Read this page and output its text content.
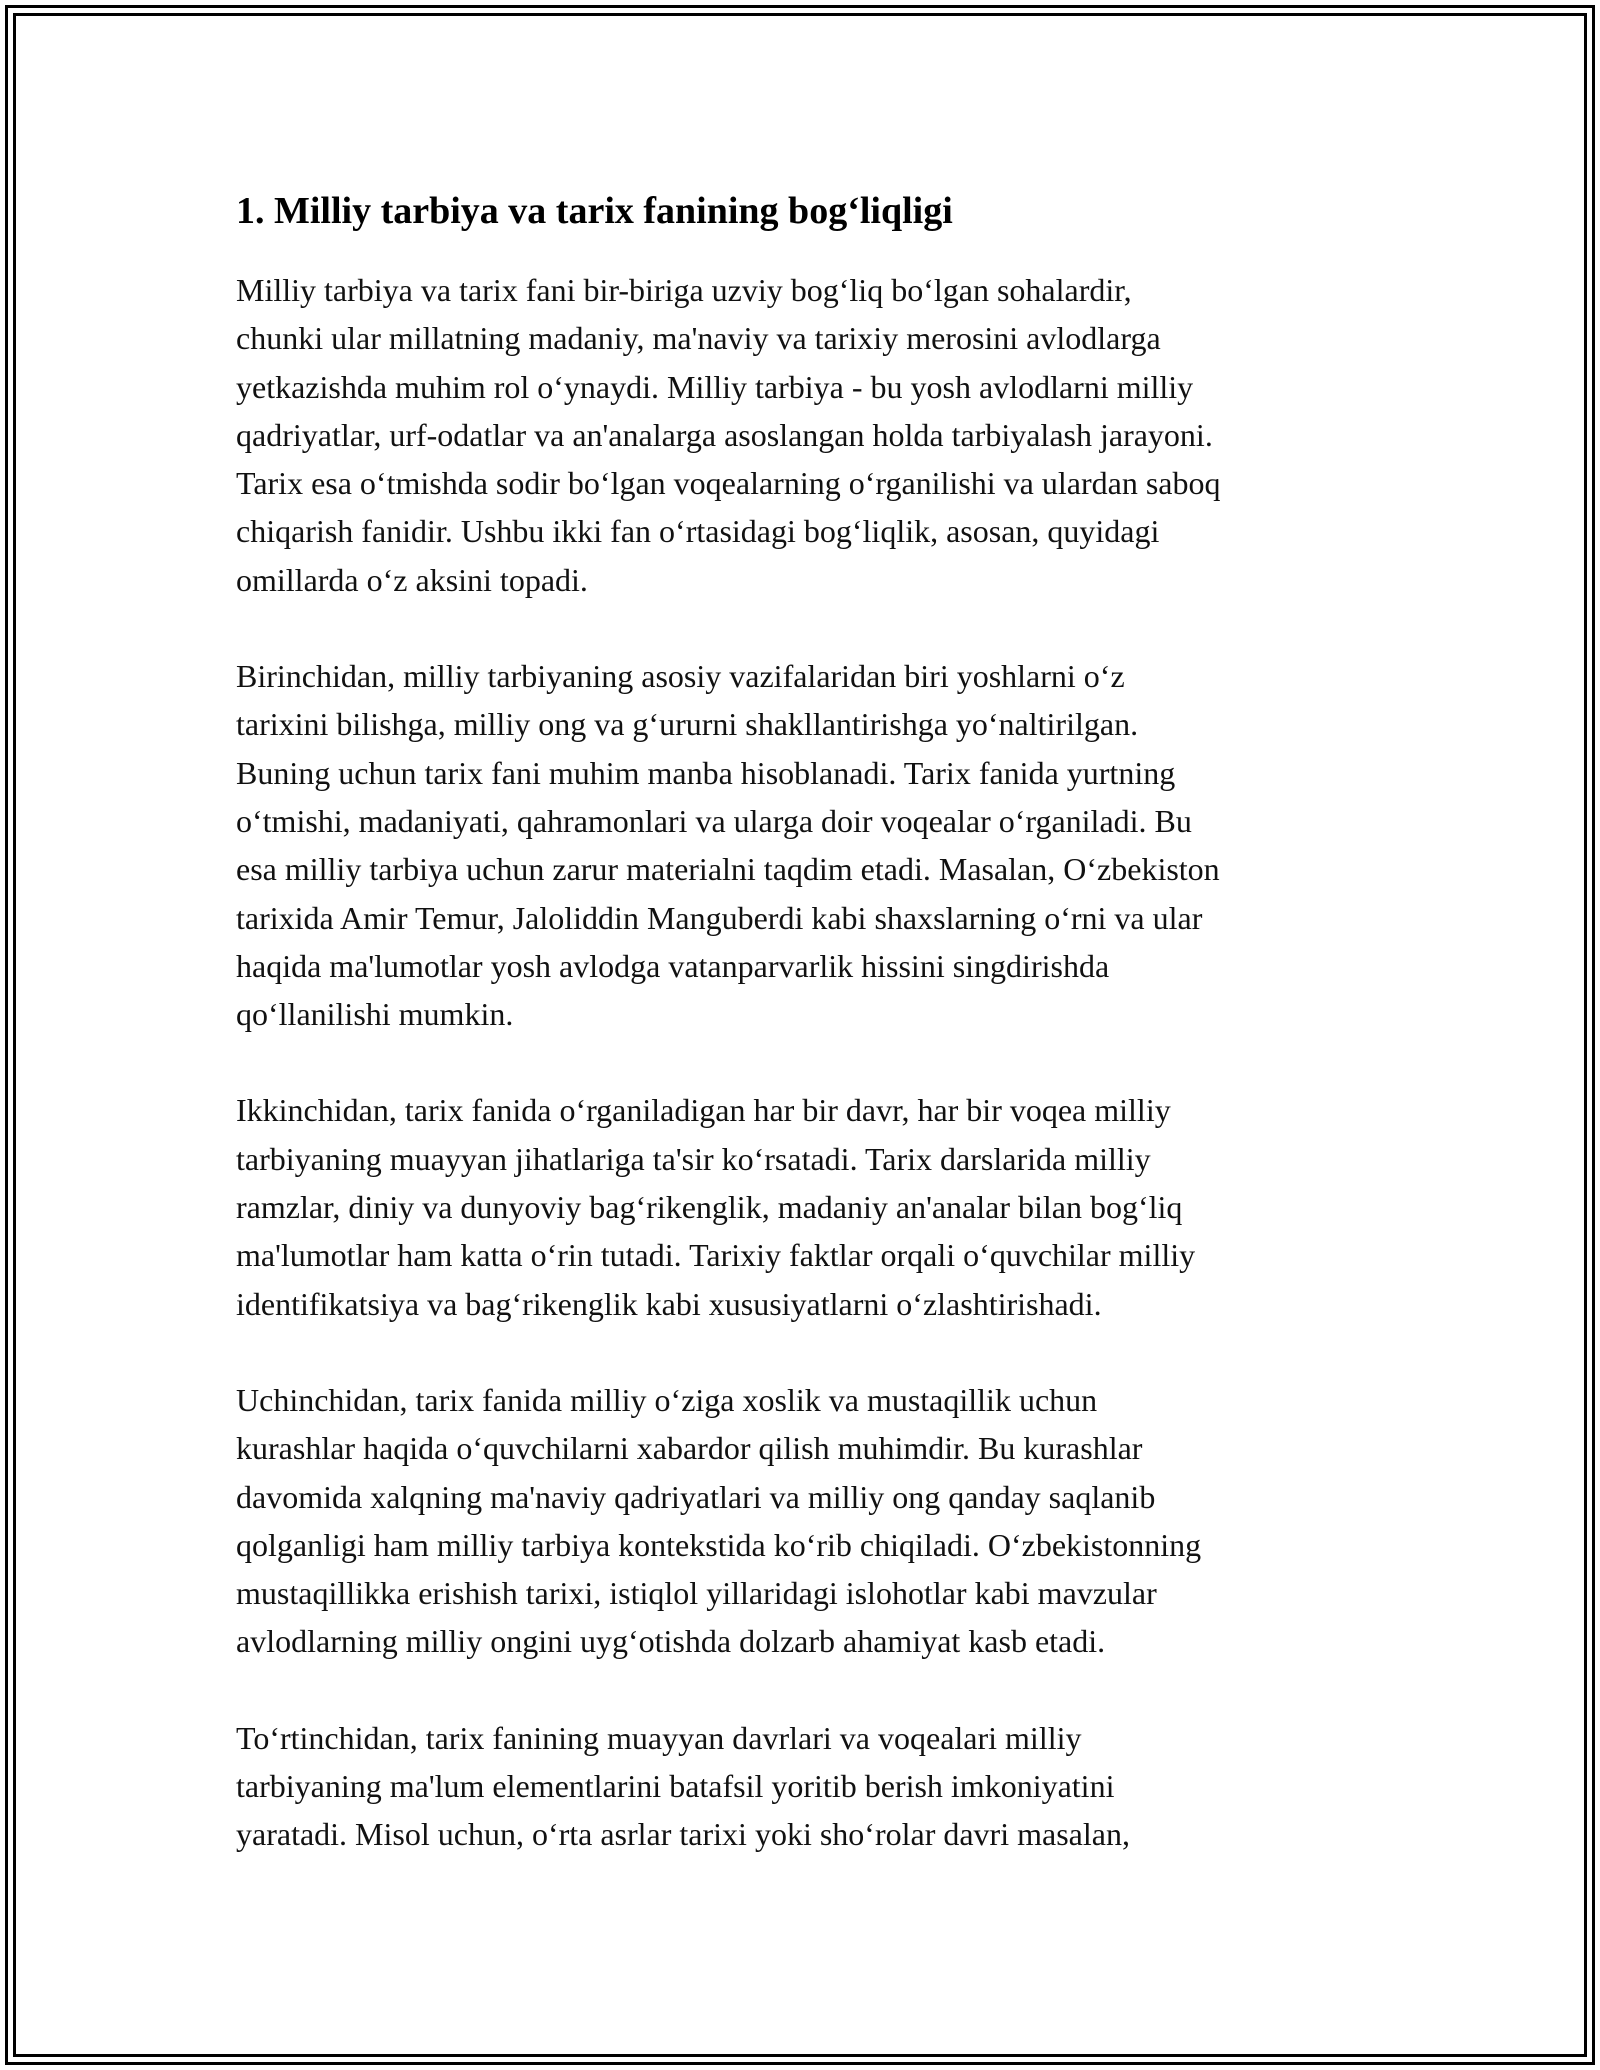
1. Milliy tarbiya va tarix fanining bog‘liqligi

Milliy tarbiya va tarix fani bir-biriga uzviy bog‘liq bo‘lgan sohalardir,
chunki ular millatning madaniy, ma'naviy va tarixiy merosini avlodlarga
yetkazishda muhim rol o‘ynaydi. Milliy tarbiya - bu yosh avlodlarni milliy
qadriyatlar, urf-odatlar va an'analarga asoslangan holda tarbiyalash jarayoni.
Tarix esa o‘tmishda sodir bo‘lgan voqealarning o‘rganilishi va ulardan saboq
chiqarish fanidir. Ushbu ikki fan o‘rtasidagi bog‘liqlik, asosan, quyidagi
omillarda o‘z aksini topadi.

Birinchidan, milliy tarbiyaning asosiy vazifalaridan biri yoshlarni o‘z
tarixini bilishga, milliy ong va g‘ururni shakllantirishga yo‘naltirilgan.
Buning uchun tarix fani muhim manba hisoblanadi. Tarix fanida yurtning
o‘tmishi, madaniyati, qahramonlari va ularga doir voqealar o‘rganiladi. Bu
esa milliy tarbiya uchun zarur materialni taqdim etadi. Masalan, O‘zbekiston
tarixida Amir Temur, Jaloliddin Manguberdi kabi shaxslarning o‘rni va ular
haqida ma'lumotlar yosh avlodga vatanparvarlik hissini singdirishda
qo‘llanilishi mumkin.

Ikkinchidan, tarix fanida o‘rganiladigan har bir davr, har bir voqea milliy
tarbiyaning muayyan jihatlariga ta'sir ko‘rsatadi. Tarix darslarida milliy
ramzlar, diniy va dunyoviy bag‘rikenglik, madaniy an'analar bilan bog‘liq
ma'lumotlar ham katta o‘rin tutadi. Tarixiy faktlar orqali o‘quvchilar milliy
identifikatsiya va bag‘rikenglik kabi xususiyatlarni o‘zlashtirishadi.

Uchinchidan, tarix fanida milliy o‘ziga xoslik va mustaqillik uchun
kurashlar haqida o‘quvchilarni xabardor qilish muhimdir. Bu kurashlar
davomida xalqning ma'naviy qadriyatlari va milliy ong qanday saqlanib
qolganligi ham milliy tarbiya kontekstida ko‘rib chiqiladi. O‘zbekistonning
mustaqillikka erishish tarixi, istiqlol yillaridagi islohotlar kabi mavzular
avlodlarning milliy ongini uyg‘otishda dolzarb ahamiyat kasb etadi.

To‘rtinchidan, tarix fanining muayyan davrlari va voqealari milliy
tarbiyaning ma'lum elementlarini batafsil yoritib berish imkoniyatini
yaratadi. Misol uchun, o‘rta asrlar tarixi yoki sho‘rolar davri masalan,
